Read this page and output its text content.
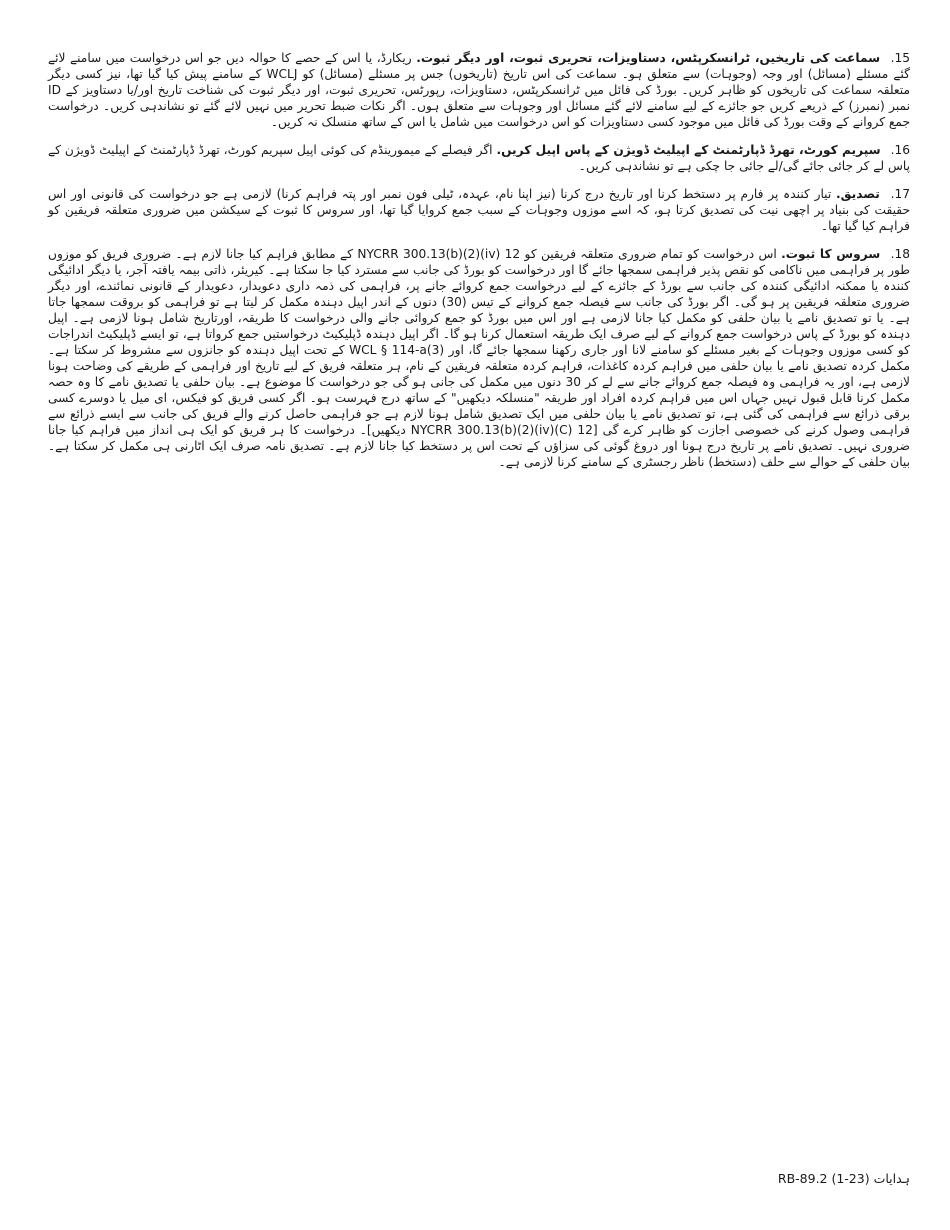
15. سماعت کی تاریخیں، ٹرانسکرپٹس، دستاویزات، تحریری ثبوت، اور دیگر ثبوت. ریکارڈ، یا اس کے حصے کا حوالہ دیں جو اس درخواست میں سامنے لائے گئے مسئلے (مسائل) اور وجہ (وجوہات) سے متعلق ہو۔ سماعت کی اس تاریخ (تاریخوں) جس پر مسئلے (مسائل) کو WCLJ کے سامنے پیش کیا گیا تھا، نیز کسی دیگر متعلقہ سماعت کی تاریخوں کو ظاہر کریں۔ بورڈ کی فائل میں ٹرانسکرپٹس، دستاویزات، رپورٹس، تحریری ثبوت، اور دیگر ثبوت کی شناخت تاریخ اور/یا دستاویز کے ID نمبر (نمبرز) کے ذریعے کریں جو جائزے کے لیے سامنے لائے گئے مسائل اور وجوہات سے متعلق ہوں۔ اگر نکات ضبط تحریر میں نہیں لائے گئے تو نشاندہی کریں۔ درخواست جمع کروانے کے وقت بورڈ کی فائل میں موجود کسی دستاویزات کو اس درخواست میں شامل یا اس کے ساتھ منسلک نہ کریں۔

16. سپریم کورٹ، تھرڈ ڈپارٹمنٹ کے اپیلیٹ ڈویژن کے پاس اپیل کریں. اگر فیصلے کے میمورینڈم کی کوئی اپیل سپریم کورٹ، تھرڈ ڈپارٹمنٹ کے اپیلیٹ ڈویژن کے پاس لے کر جائی جائے گی/لے جائی جا چکی ہے تو نشاندہی کریں۔

17. تصدیق. تیار کنندہ پر فارم پر دستخط کرنا اور تاریخ درج کرنا (نیز اپنا نام، عہدہ، ٹیلی فون نمبر اور پتہ فراہم کرنا) لازمی ہے جو درخواست کی قانونی اور اس حقیقت کی بنیاد پر اچھی نیت کی تصدیق کرتا ہو، کہ اسے موزوں وجوہات کے سبب جمع کروایا گیا تھا، اور سروس کا ثبوت کے سیکشن میں ضروری متعلقہ فریقین کو فراہم کیا گیا تھا۔

18. سروس کا ثبوت. اس درخواست کو تمام ضروری متعلقہ فریقین کو 12 NYCRR 300.13(b)(2)(iv) کے مطابق فراہم کیا جانا لازم ہے۔ ضروری فریق کو موزوں طور پر فراہمی میں ناکامی کو نقص پذیر فراہمی سمجھا جائے گا اور درخواست کو بورڈ کی جانب سے مسترد کیا جا سکتا ہے۔ کیریئر، ذاتی بیمہ یافتہ آجر، یا دیگر ادائیگی کنندہ یا ممکنہ ادائیگی کنندہ کی جانب سے بورڈ کے جائزے کے لیے درخواست جمع کروائے جانے پر، فراہمی کی ذمہ داری دعویدار، دعویدار کے قانونی نمائندے، اور دیگر ضروری متعلقہ فریقین پر ہو گی۔ اگر بورڈ کی جانب سے فیصلہ جمع کروانے کے تیس (30) دنوں کے اندر اپیل دہندہ مکمل کر لیتا ہے تو فراہمی کو بروقت سمجھا جاتا ہے۔ یا تو تصدیق نامے یا بیان حلفی کو مکمل کیا جانا لازمی ہے اور اس میں بورڈ کو جمع کروائی جانے والی درخواست کا طریقہ، اورتاریخ شامل ہونا لازمی ہے۔ اپیل دہندہ کو بورڈ کے پاس درخواست جمع کروانے کے لیے صرف ایک طریقہ استعمال کرنا ہو گا۔ اگر اپیل دہندہ ڈپلیکیٹ درخواستیں جمع کرواتا ہے، تو ایسے ڈپلیکیٹ اندراجات کو کسی موزوں وجوہات کے بغیر مسئلے کو سامنے لانا اور جاری رکھنا سمجھا جائے گا، اور WCL § 114-a(3) کے تحت اپیل دہندہ کو جانزوں سے مشروط کر سکتا ہے۔ مکمل کردہ تصدیق نامے یا بیان حلفی میں فراہم کردہ کاغذات، فراہم کردہ متعلقہ فریقین کے نام، ہر متعلقہ فریق کے لیے تاریخ اور فراہمی کے طریقے کی وضاحت ہونا لازمی ہے، اور یہ فراہمی وہ فیصلہ جمع کروائے جانے سے لے کر 30 دنوں میں مکمل کی جانی ہو گی جو درخواست کا موضوع ہے۔ بیان حلفی یا تصدیق نامے کا وہ حصہ مکمل کرنا قابل قبول نہیں جہاں اس میں فراہم کردہ افراد اور طریقہ "منسلکہ دیکھیں" کے ساتھ درج فہرست ہو۔ اگر کسی فریق کو فیکس، ای میل یا دوسرے کسی برقی ذرائع سے فراہمی کی گئی ہے، تو تصدیق نامے یا بیان حلفی میں ایک تصدیق شامل ہونا لازم ہے جو فراہمی حاصل کرنے والے فریق کی جانب سے ایسے ذرائع سے فراہمی وصول کرنے کی خصوصی اجازت کو ظاہر کرے گی [12 NYCRR 300.13(b)(2)(iv)(C) دیکھیں]۔ درخواست کا ہر فریق کو ایک ہی انداز میں فراہم کیا جانا ضروری نہیں۔ تصدیق نامے پر تاریخ درج ہونا اور دروغ گوئی کی سزاؤں کے تحت اس پر دستخط کیا جانا لازم ہے۔ تصدیق نامہ صرف ایک اٹارنی ہی مکمل کر سکتا ہے۔ بیان حلفی کے حوالے سے حلف (دستخط) ناظر رجسٹری کے سامنے کرنا لازمی ہے۔

ہدایات RB-89.2 (1-23)
